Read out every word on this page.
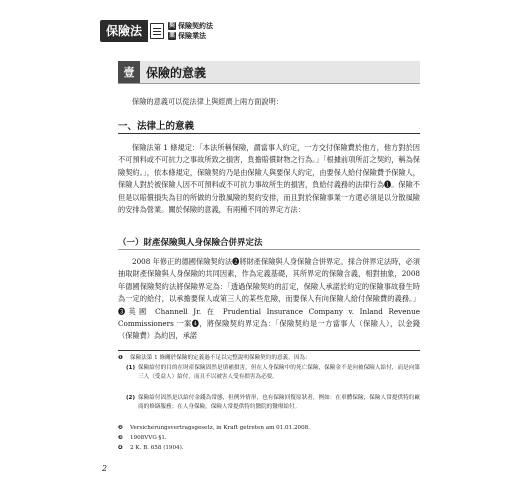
保險法	契 保險契約法
業 保險業法
壹 保險的意義
保險的意義可以從法律上與經濟上兩方面說明：
一、法律上的意義
保險法第 1 條規定：「本法所稱保險，謂當事人約定，一方交付保險費於他方，他方對於因不可預料或不可抗力之事故所致之損害，負擔賠償財物之行為。」「根據前項所訂之契約，稱為保險契約。」，依本條規定，保險契約乃是由保險人與要保人約定，由要保人給付保險費予保險人，保險人對於被保險人因不可預料或不可抗力事故所生的損害，負給付義務的法律行為❶。保險不但是以賠償損失為目的所做的分散風險的契約安排，而且對於保險事業一方還必須是以分散風險的安排為營業。關於保險的意義，有兩種不同的界定方法：
（一）財產保險與人身保險合併界定法
2008 年修正的德國保險契約法❷將財產保險與人身保險合併界定。採合併界定法時，必須抽取財產保險與人身保險的共同因素，作為定義基礎，其所界定的保險含義，相對抽象，2008 年德國保險契約法將保險界定為：「透過保險契約的訂定，保險人承諾於約定的保險事故發生時為一定的給付，以承擔要保人或第三人的某些危險，而要保人有向保險人給付保險費的義務。」❸英國 Channell Jr. 在 Prudential Insurance Company v. Inland Revenue Commissioners 一案❹，將保險契約界定為：「保險契約是一方當事人（保險人），以金錢（保險費）為約因，承諾
❶	保險法第 1 條關於保險的定義過不足以完整說明保險契約的意義，因為：
(1) 保險給付的目的在財產保險固然是填補損害，但在人身保險中的死亡保險，保險金不是向被保險人給付，而是向第三人（受益人）給付，而且不以被害人受有損害為必要。
(2) 保險給付固然是以給付金錢為常態，但例外情形，也有保險回復原狀者，例如：在車體保險，保險人常提供特約廠商的修繕服務；在人身保險，保險人常提供特約醫院的醫療給付。
❷	Versicherungsvertragsgesetz, in Kraft getreten am 01.01.2008.
❸	1908VVG §1.
❹	2 K. B. 658 (1904).
2
